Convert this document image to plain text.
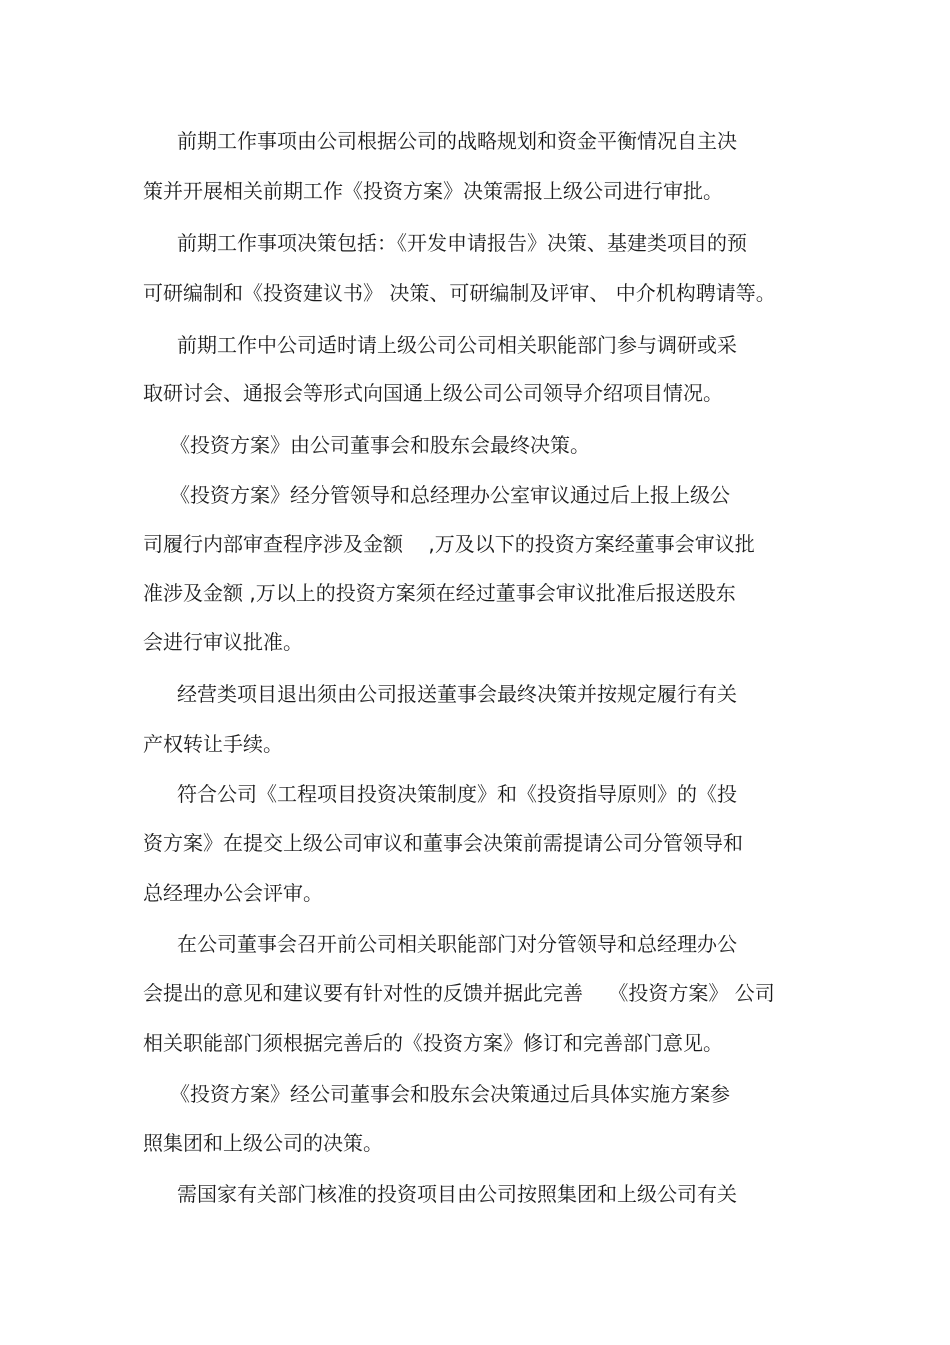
前期工作事项由公司根据公司的战略规划和资金平衡情况自主决
策并开展相关前期工作《投资方案》决策需报上级公司进行审批。
前期工作事项决策包括：《开发申请报告》决策、基建类项目的预
可研编制和《投资建议书》 决策、可研编制及评审、 中介机构聘请等。
前期工作中公司适时请上级公司公司相关职能部门参与调研或采
取研讨会、通报会等形式向国通上级公司公司领导介绍项目情况。
《投资方案》由公司董事会和股东会最终决策。
《投资方案》经分管领导和总经理办公室审议通过后上报上级公
司履行内部审查程序涉及金额    ,万及以下的投资方案经董事会审议批
准涉及金额 ,万以上的投资方案须在经过董事会审议批准后报送股东
会进行审议批准。
经营类项目退出须由公司报送董事会最终决策并按规定履行有关
产权转让手续。
符合公司《工程项目投资决策制度》和《投资指导原则》的《投
资方案》在提交上级公司审议和董事会决策前需提请公司分管领导和
总经理办公会评审。
在公司董事会召开前公司相关职能部门对分管领导和总经理办公
会提出的意见和建议要有针对性的反馈并据此完善    《投资方案》 公司
相关职能部门须根据完善后的《投资方案》修订和完善部门意见。
《投资方案》经公司董事会和股东会决策通过后具体实施方案参
照集团和上级公司的决策。
需国家有关部门核准的投资项目由公司按照集团和上级公司有关
